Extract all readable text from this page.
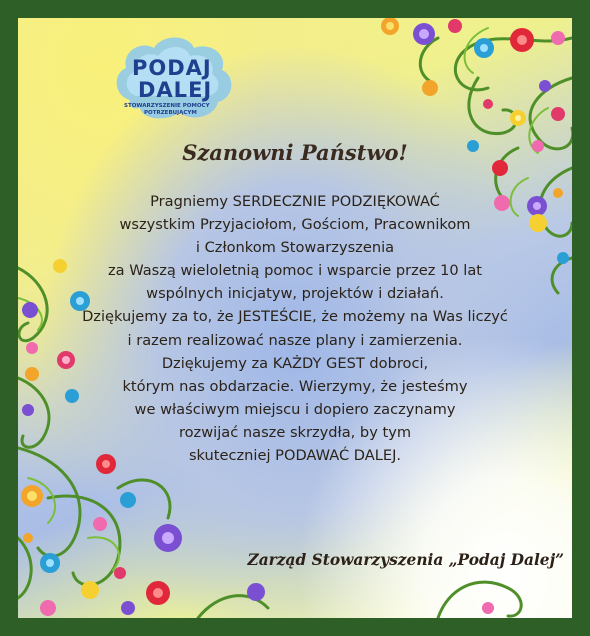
PODAJ
DALEJ
STOWARZYSZENIE POMOCY
POTRZEBUJĄCYM
Szanowni Państwo!
Pragniemy SERDECZNIE PODZIĘKOWAĆ
wszystkim Przyjaciołom, Gościom, Pracownikom
i Członkom Stowarzyszenia
za Waszą wieloletnią pomoc i wsparcie przez 10 lat
wspólnych inicjatyw, projektów i działań.
Dziękujemy za to, że JESTEŚCIE, że możemy na Was liczyć
i razem realizować nasze plany i zamierzenia.
Dziękujemy za KAŻDY GEST dobroci,
którym nas obdarzacie. Wierzymy, że jesteśmy
we właściwym miejscu i dopiero zaczynamy
rozwijać nasze skrzydła, by tym
skuteczniej PODAWAĆ DALEJ.
Zarząd Stowarzyszenia „Podaj Dalej”
